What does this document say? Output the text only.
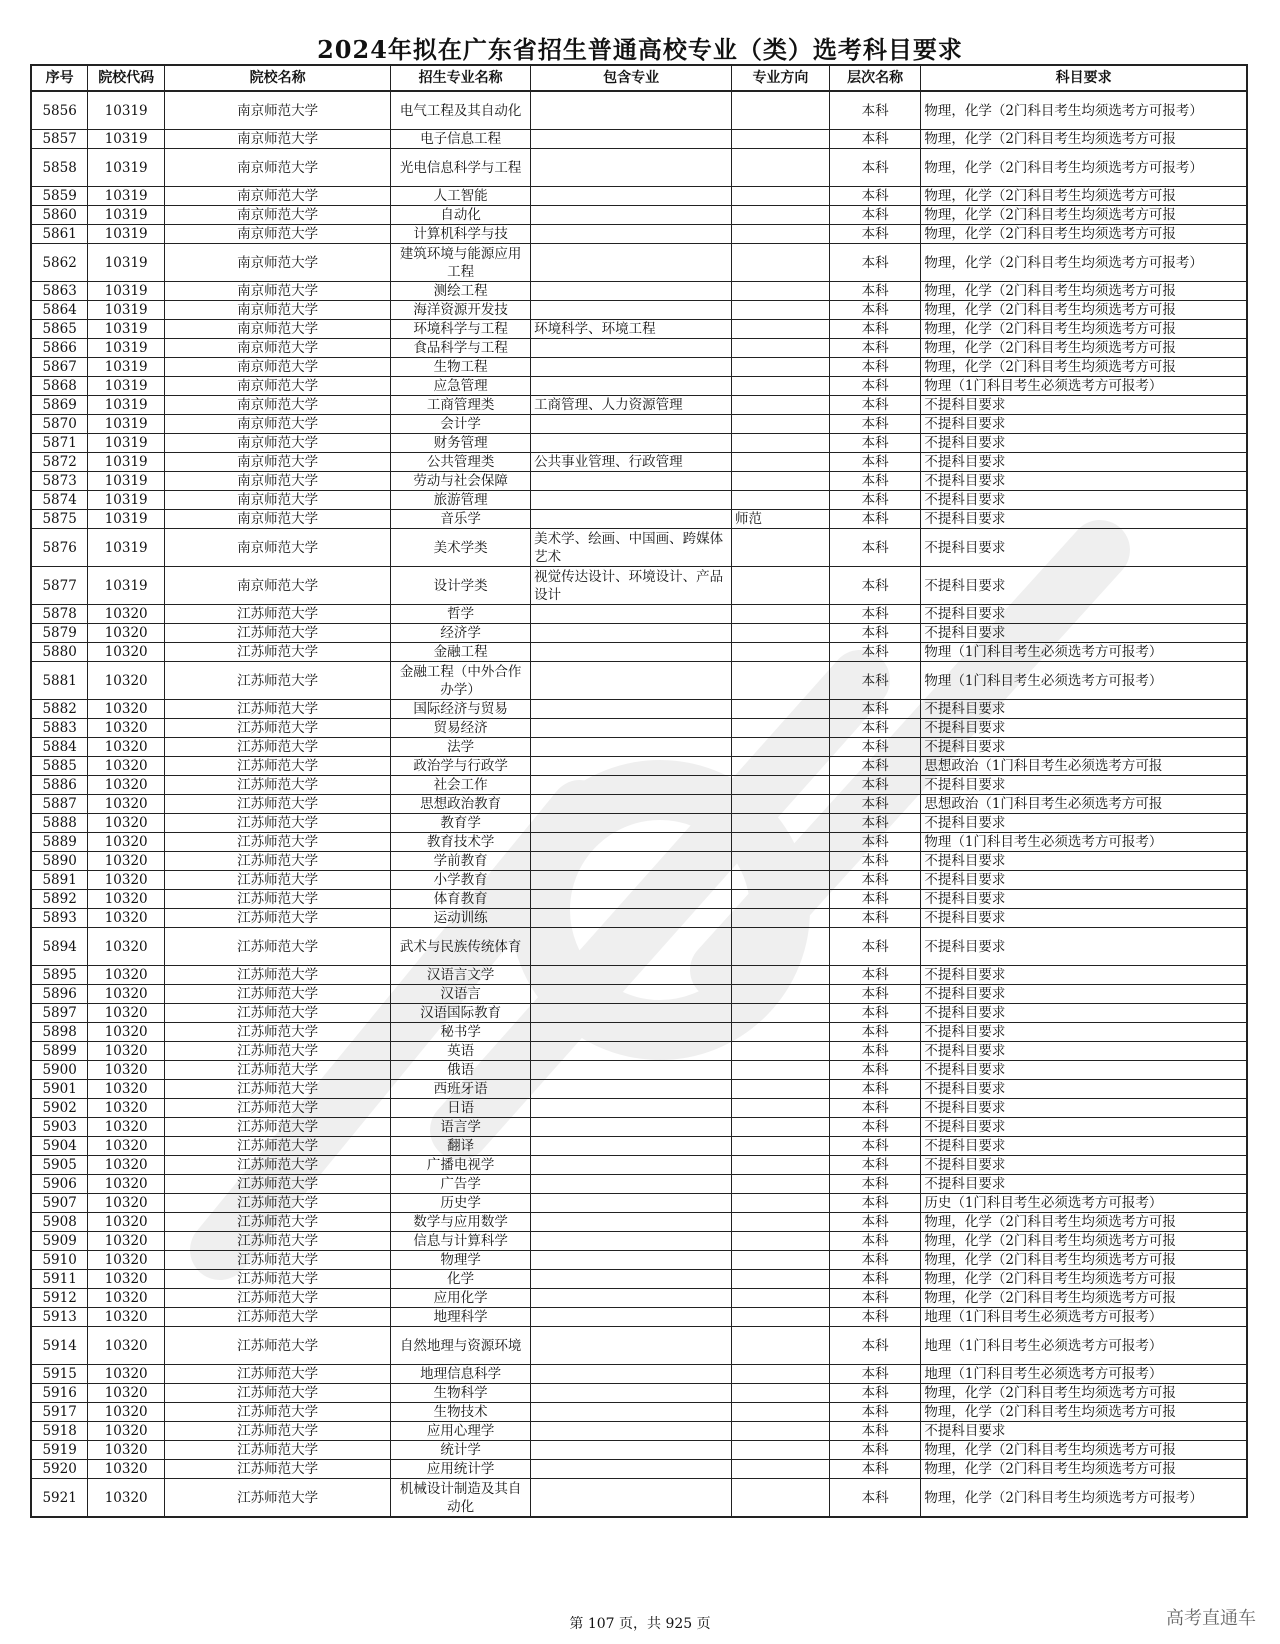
2024年拟在广东省招生普通高校专业（类）选考科目要求
序号	院校代码	院校名称	招生专业名称	包含专业	专业方向	层次名称	科目要求
5856	10319	南京师范大学	电气工程及其自动化			本科	物理，化学（2门科目考生均须选考方可报考）
5857	10319	南京师范大学	电子信息工程			本科	物理，化学（2门科目考生均须选考方可报
5858	10319	南京师范大学	光电信息科学与工程			本科	物理，化学（2门科目考生均须选考方可报考）
5859	10319	南京师范大学	人工智能			本科	物理，化学（2门科目考生均须选考方可报
5860	10319	南京师范大学	自动化			本科	物理，化学（2门科目考生均须选考方可报
5861	10319	南京师范大学	计算机科学与技			本科	物理，化学（2门科目考生均须选考方可报
5862	10319	南京师范大学	建筑环境与能源应用工程			本科	物理，化学（2门科目考生均须选考方可报考）
5863	10319	南京师范大学	测绘工程			本科	物理，化学（2门科目考生均须选考方可报
5864	10319	南京师范大学	海洋资源开发技			本科	物理，化学（2门科目考生均须选考方可报
5865	10319	南京师范大学	环境科学与工程	环境科学、环境工程		本科	物理，化学（2门科目考生均须选考方可报
5866	10319	南京师范大学	食品科学与工程			本科	物理，化学（2门科目考生均须选考方可报
5867	10319	南京师范大学	生物工程			本科	物理，化学（2门科目考生均须选考方可报
5868	10319	南京师范大学	应急管理			本科	物理（1门科目考生必须选考方可报考）
5869	10319	南京师范大学	工商管理类	工商管理、人力资源管理		本科	不提科目要求
5870	10319	南京师范大学	会计学			本科	不提科目要求
5871	10319	南京师范大学	财务管理			本科	不提科目要求
5872	10319	南京师范大学	公共管理类	公共事业管理、行政管理		本科	不提科目要求
5873	10319	南京师范大学	劳动与社会保障			本科	不提科目要求
5874	10319	南京师范大学	旅游管理			本科	不提科目要求
5875	10319	南京师范大学	音乐学		师范	本科	不提科目要求
5876	10319	南京师范大学	美术学类	美术学、绘画、中国画、跨媒体艺术		本科	不提科目要求
5877	10319	南京师范大学	设计学类	视觉传达设计、环境设计、产品设计		本科	不提科目要求
5878	10320	江苏师范大学	哲学			本科	不提科目要求
5879	10320	江苏师范大学	经济学			本科	不提科目要求
5880	10320	江苏师范大学	金融工程			本科	物理（1门科目考生必须选考方可报考）
5881	10320	江苏师范大学	金融工程（中外合作办学）			本科	物理（1门科目考生必须选考方可报考）
5882	10320	江苏师范大学	国际经济与贸易			本科	不提科目要求
5883	10320	江苏师范大学	贸易经济			本科	不提科目要求
5884	10320	江苏师范大学	法学			本科	不提科目要求
5885	10320	江苏师范大学	政治学与行政学			本科	思想政治（1门科目考生必须选考方可报
5886	10320	江苏师范大学	社会工作			本科	不提科目要求
5887	10320	江苏师范大学	思想政治教育			本科	思想政治（1门科目考生必须选考方可报
5888	10320	江苏师范大学	教育学			本科	不提科目要求
5889	10320	江苏师范大学	教育技术学			本科	物理（1门科目考生必须选考方可报考）
5890	10320	江苏师范大学	学前教育			本科	不提科目要求
5891	10320	江苏师范大学	小学教育			本科	不提科目要求
5892	10320	江苏师范大学	体育教育			本科	不提科目要求
5893	10320	江苏师范大学	运动训练			本科	不提科目要求
5894	10320	江苏师范大学	武术与民族传统体育			本科	不提科目要求
5895	10320	江苏师范大学	汉语言文学			本科	不提科目要求
5896	10320	江苏师范大学	汉语言			本科	不提科目要求
5897	10320	江苏师范大学	汉语国际教育			本科	不提科目要求
5898	10320	江苏师范大学	秘书学			本科	不提科目要求
5899	10320	江苏师范大学	英语			本科	不提科目要求
5900	10320	江苏师范大学	俄语			本科	不提科目要求
5901	10320	江苏师范大学	西班牙语			本科	不提科目要求
5902	10320	江苏师范大学	日语			本科	不提科目要求
5903	10320	江苏师范大学	语言学			本科	不提科目要求
5904	10320	江苏师范大学	翻译			本科	不提科目要求
5905	10320	江苏师范大学	广播电视学			本科	不提科目要求
5906	10320	江苏师范大学	广告学			本科	不提科目要求
5907	10320	江苏师范大学	历史学			本科	历史（1门科目考生必须选考方可报考）
5908	10320	江苏师范大学	数学与应用数学			本科	物理，化学（2门科目考生均须选考方可报
5909	10320	江苏师范大学	信息与计算科学			本科	物理，化学（2门科目考生均须选考方可报
5910	10320	江苏师范大学	物理学			本科	物理，化学（2门科目考生均须选考方可报
5911	10320	江苏师范大学	化学			本科	物理，化学（2门科目考生均须选考方可报
5912	10320	江苏师范大学	应用化学			本科	物理，化学（2门科目考生均须选考方可报
5913	10320	江苏师范大学	地理科学			本科	地理（1门科目考生必须选考方可报考）
5914	10320	江苏师范大学	自然地理与资源环境			本科	地理（1门科目考生必须选考方可报考）
5915	10320	江苏师范大学	地理信息科学			本科	地理（1门科目考生必须选考方可报考）
5916	10320	江苏师范大学	生物科学			本科	物理，化学（2门科目考生均须选考方可报
5917	10320	江苏师范大学	生物技术			本科	物理，化学（2门科目考生均须选考方可报
5918	10320	江苏师范大学	应用心理学			本科	不提科目要求
5919	10320	江苏师范大学	统计学			本科	物理，化学（2门科目考生均须选考方可报
5920	10320	江苏师范大学	应用统计学			本科	物理，化学（2门科目考生均须选考方可报
5921	10320	江苏师范大学	机械设计制造及其自动化			本科	物理，化学（2门科目考生均须选考方可报考）
第 107 页，共 925 页	高考直通车
